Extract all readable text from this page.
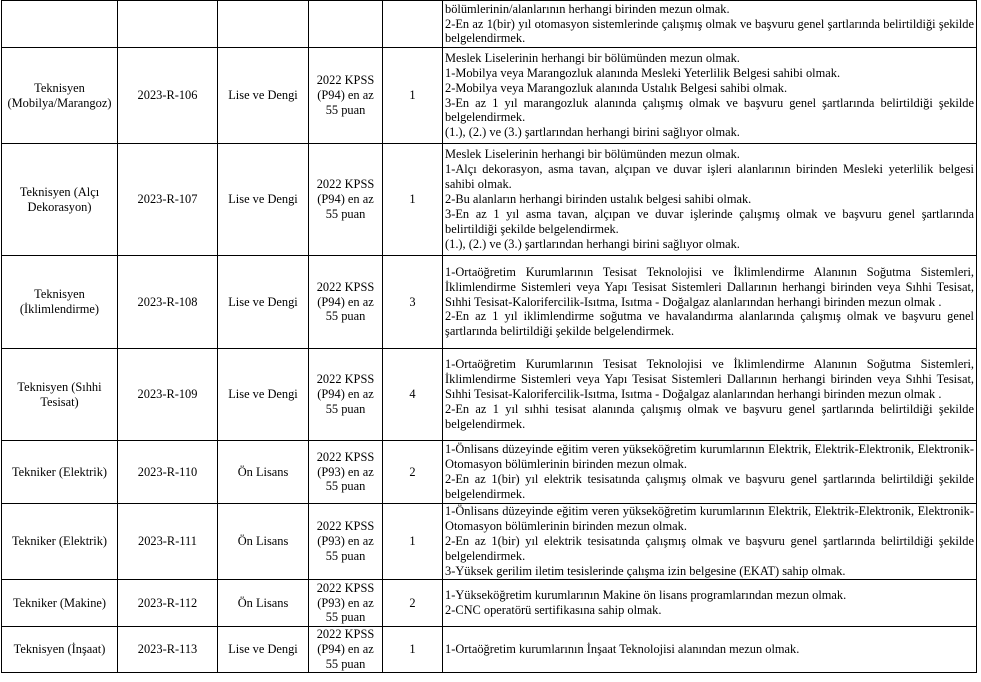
					bölümlerinin/alanlarının herhangi birinden mezun olmak.
2-En az 1(bir) yıl otomasyon sistemlerinde çalışmış olmak ve başvuru genel şartlarında belirtildiği şekilde belgelendirmek.

Teknisyen (Mobilya/Marangoz)	2023-R-106	Lise ve Dengi	2022 KPSS (P94) en az 55 puan	1	Meslek Liselerinin herhangi bir bölümünden mezun olmak.
1-Mobilya veya Marangozluk alanında Mesleki Yeterlilik Belgesi sahibi olmak.
2-Mobilya veya Marangozluk alanında Ustalık Belgesi sahibi olmak.
3-En az 1 yıl marangozluk alanında çalışmış olmak ve başvuru genel şartlarında belirtildiği şekilde belgelendirmek.
(1.), (2.) ve (3.) şartlarından herhangi birini sağlıyor olmak.

Teknisyen (Alçı Dekorasyon)	2023-R-107	Lise ve Dengi	2022 KPSS (P94) en az 55 puan	1	Meslek Liselerinin herhangi bir bölümünden mezun olmak.
1-Alçı dekorasyon, asma tavan, alçıpan ve duvar işleri alanlarının birinden Mesleki yeterlilik belgesi sahibi olmak.
2-Bu alanların herhangi birinden ustalık belgesi sahibi olmak.
3-En az 1 yıl asma tavan, alçıpan ve duvar işlerinde çalışmış olmak ve başvuru genel şartlarında belirtildiği şekilde belgelendirmek.
(1.), (2.) ve (3.) şartlarından herhangi birini sağlıyor olmak.

Teknisyen (İklimlendirme)	2023-R-108	Lise ve Dengi	2022 KPSS (P94) en az 55 puan	3	1-Ortaöğretim Kurumlarının Tesisat Teknolojisi ve İklimlendirme Alanının Soğutma Sistemleri, İklimlendirme Sistemleri veya Yapı Tesisat Sistemleri Dallarının herhangi birinden veya Sıhhi Tesisat, Sıhhi Tesisat-Kalorifercilik-Isıtma, Isıtma - Doğalgaz alanlarından herhangi birinden mezun olmak .
2-En az 1 yıl iklimlendirme soğutma ve havalandırma alanlarında çalışmış olmak ve başvuru genel şartlarında belirtildiği şekilde belgelendirmek.

Teknisyen (Sıhhi Tesisat)	2023-R-109	Lise ve Dengi	2022 KPSS (P94) en az 55 puan	4	1-Ortaöğretim Kurumlarının Tesisat Teknolojisi ve İklimlendirme Alanının Soğutma Sistemleri, İklimlendirme Sistemleri veya Yapı Tesisat Sistemleri Dallarının herhangi birinden veya Sıhhi Tesisat, Sıhhi Tesisat-Kalorifercilik-Isıtma, Isıtma - Doğalgaz alanlarından herhangi birinden mezun olmak .
2-En az 1 yıl sıhhi tesisat alanında çalışmış olmak ve başvuru genel şartlarında belirtildiği şekilde belgelendirmek.

Tekniker (Elektrik)	2023-R-110	Ön Lisans	2022 KPSS (P93) en az 55 puan	2	1-Önlisans düzeyinde eğitim veren yükseköğretim kurumlarının Elektrik, Elektrik-Elektronik, Elektronik- Otomasyon bölümlerinin birinden mezun olmak.
2-En az 1(bir) yıl elektrik tesisatında çalışmış olmak ve başvuru genel şartlarında belirtildiği şekilde belgelendirmek.

Tekniker (Elektrik)	2023-R-111	Ön Lisans	2022 KPSS (P93) en az 55 puan	1	1-Önlisans düzeyinde eğitim veren yükseköğretim kurumlarının Elektrik, Elektrik-Elektronik, Elektronik- Otomasyon bölümlerinin birinden mezun olmak.
2-En az 1(bir) yıl elektrik tesisatında çalışmış olmak ve başvuru genel şartlarında belirtildiği şekilde belgelendirmek.
3-Yüksek gerilim iletim tesislerinde çalışma izin belgesine (EKAT) sahip olmak.

Tekniker (Makine)	2023-R-112	Ön Lisans	2022 KPSS (P93) en az 55 puan	2	1-Yükseköğretim kurumlarının Makine ön lisans programlarından mezun olmak.
2-CNC operatörü sertifikasına sahip olmak.

Teknisyen (İnşaat)	2023-R-113	Lise ve Dengi	2022 KPSS (P94) en az 55 puan	1	1-Ortaöğretim kurumlarının İnşaat Teknolojisi alanından mezun olmak.
